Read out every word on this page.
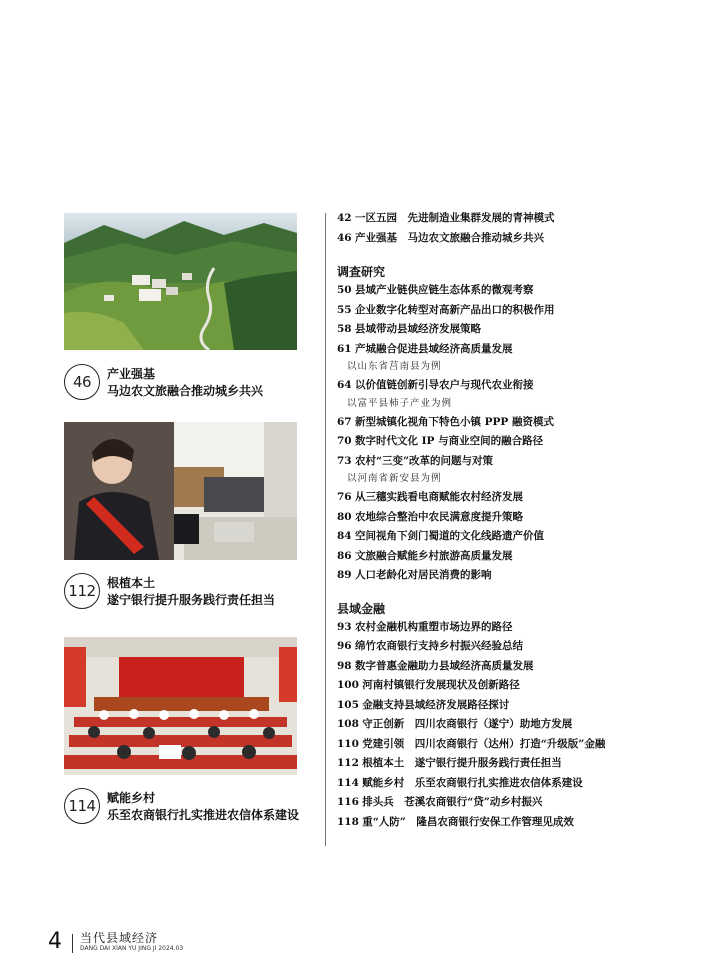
46	产业强基
马边农文旅融合推动城乡共兴
112 根植本土
遂宁银行提升服务践行责任担当
114 赋能乡村
乐至农商银行扎实推进农信体系建设
42 一区五园　先进制造业集群发展的青神模式
46 产业强基　马边农文旅融合推动城乡共兴
调查研究
50 县域产业链供应链生态体系的微观考察
55 企业数字化转型对高新产品出口的积极作用
58 县域带动县域经济发展策略
61 产城融合促进县域经济高质量发展
以山东省莒南县为例
64 以价值链创新引导农户与现代农业衔接
以富平县柿子产业为例
67 新型城镇化视角下特色小镇 PPP 融资模式
70 数字时代文化 IP 与商业空间的融合路径
73 农村“三变”改革的问题与对策
以河南省新安县为例
76 从三穗实践看电商赋能农村经济发展
80 农地综合整治中农民满意度提升策略
84 空间视角下剑门蜀道的文化线路遗产价值
86 文旅融合赋能乡村旅游高质量发展
89 人口老龄化对居民消费的影响
县域金融
93 农村金融机构重塑市场边界的路径
96 绵竹农商银行支持乡村振兴经验总结
98 数字普惠金融助力县域经济高质量发展
100 河南村镇银行发展现状及创新路径
105 金融支持县域经济发展路径探讨
108 守正创新　四川农商银行（遂宁）助地方发展
110 党建引领　四川农商银行（达州）打造“升级版”金融
112 根植本土　遂宁银行提升服务践行责任担当
114 赋能乡村　乐至农商银行扎实推进农信体系建设
116 排头兵　苍溪农商银行“贷”动乡村振兴
118 重“人防”　隆昌农商银行安保工作管理见成效
4 当代县域经济
DANG DAI XIAN YU JING JI 2024.03
